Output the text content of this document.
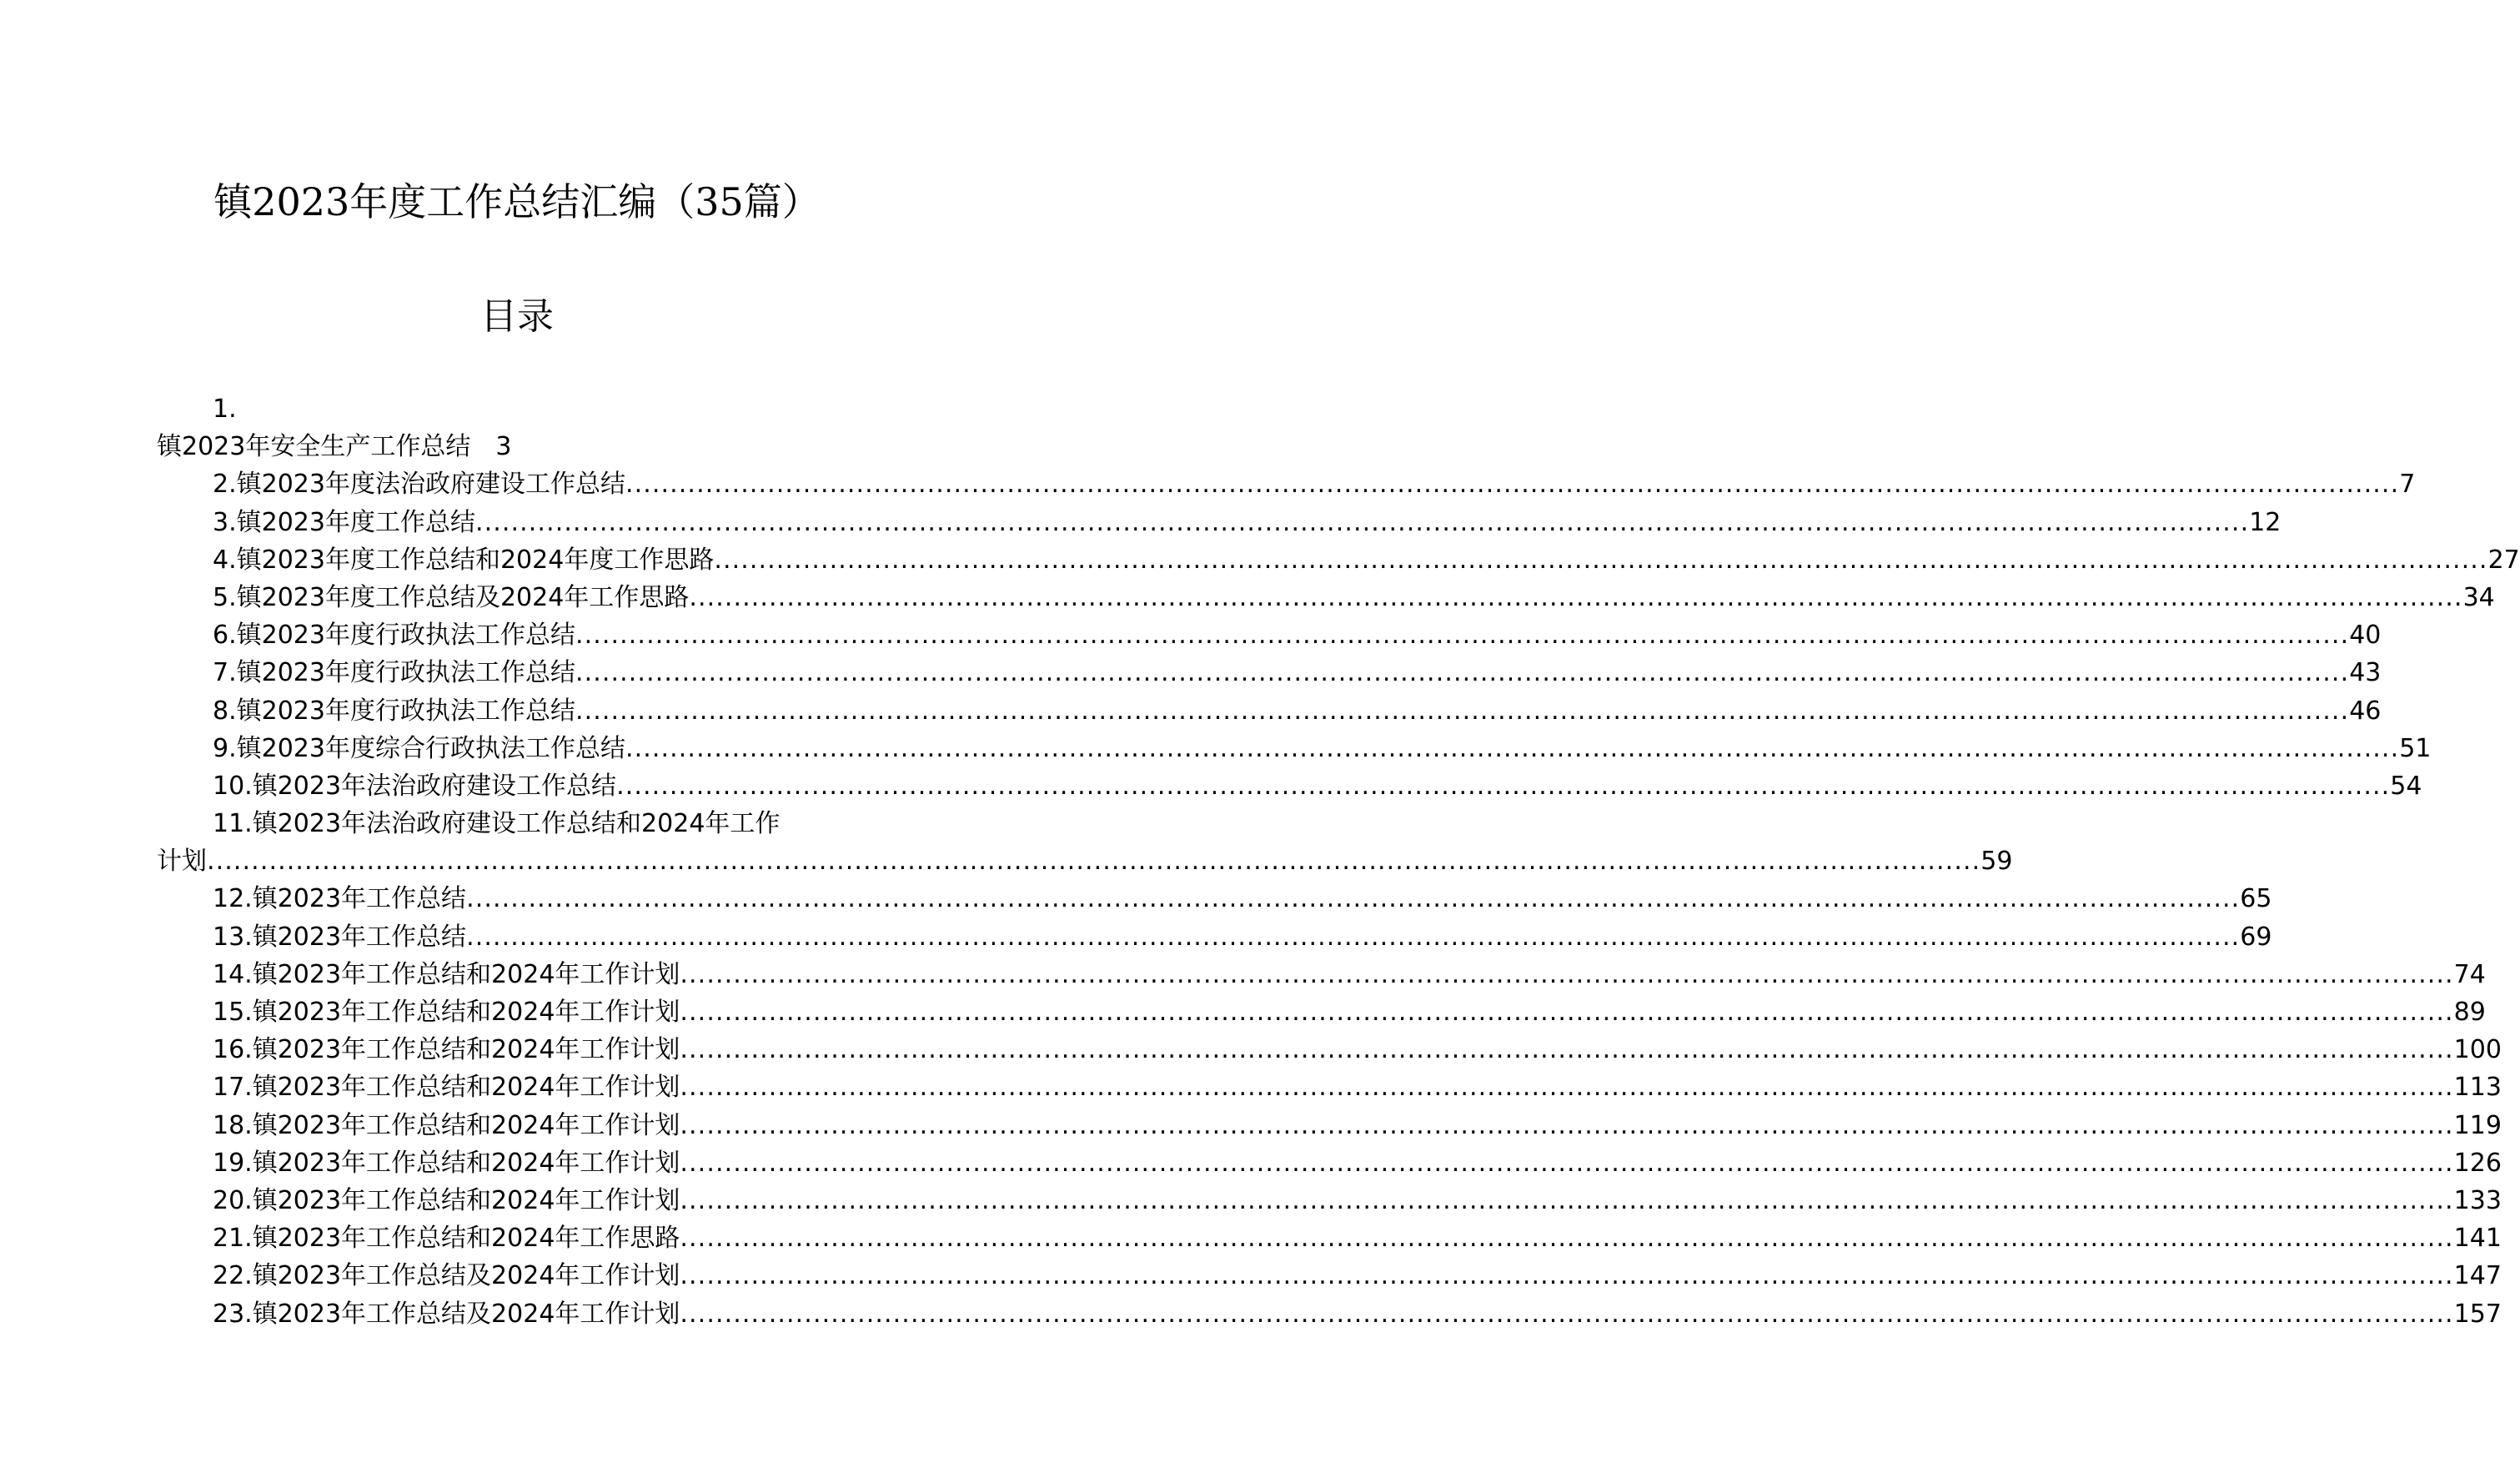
镇2023年度工作总结汇编（35篇）
目录
1.
镇2023年安全生产工作总结 3
2.镇2023年度法治政府建设工作总结 ........................................................................................................................................................................................................ 7
3.镇2023年度工作总结 ........................................................................................................................................................................................................ 12
4.镇2023年度工作总结和2024年度工作思路 ........................................................................................................................................................................................................ 27
5.镇2023年度工作总结及2024年工作思路 ........................................................................................................................................................................................................ 34
6.镇2023年度行政执法工作总结 ........................................................................................................................................................................................................ 40
7.镇2023年度行政执法工作总结 ........................................................................................................................................................................................................ 43
8.镇2023年度行政执法工作总结 ........................................................................................................................................................................................................ 46
9.镇2023年度综合行政执法工作总结 ........................................................................................................................................................................................................ 51
10.镇2023年法治政府建设工作总结 ........................................................................................................................................................................................................ 54
11.镇2023年法治政府建设工作总结和2024年工作
计划 ........................................................................................................................................................................................................ 59
12.镇2023年工作总结 ........................................................................................................................................................................................................ 65
13.镇2023年工作总结 ........................................................................................................................................................................................................ 69
14.镇2023年工作总结和2024年工作计划 ........................................................................................................................................................................................................ 74
15.镇2023年工作总结和2024年工作计划 ........................................................................................................................................................................................................ 89
16.镇2023年工作总结和2024年工作计划 ........................................................................................................................................................................................................ 100
17.镇2023年工作总结和2024年工作计划 ........................................................................................................................................................................................................ 113
18.镇2023年工作总结和2024年工作计划 ........................................................................................................................................................................................................ 119
19.镇2023年工作总结和2024年工作计划 ........................................................................................................................................................................................................ 126
20.镇2023年工作总结和2024年工作计划 ........................................................................................................................................................................................................ 133
21.镇2023年工作总结和2024年工作思路 ........................................................................................................................................................................................................ 141
22.镇2023年工作总结及2024年工作计划 ........................................................................................................................................................................................................ 147
23.镇2023年工作总结及2024年工作计划 ........................................................................................................................................................................................................ 157
